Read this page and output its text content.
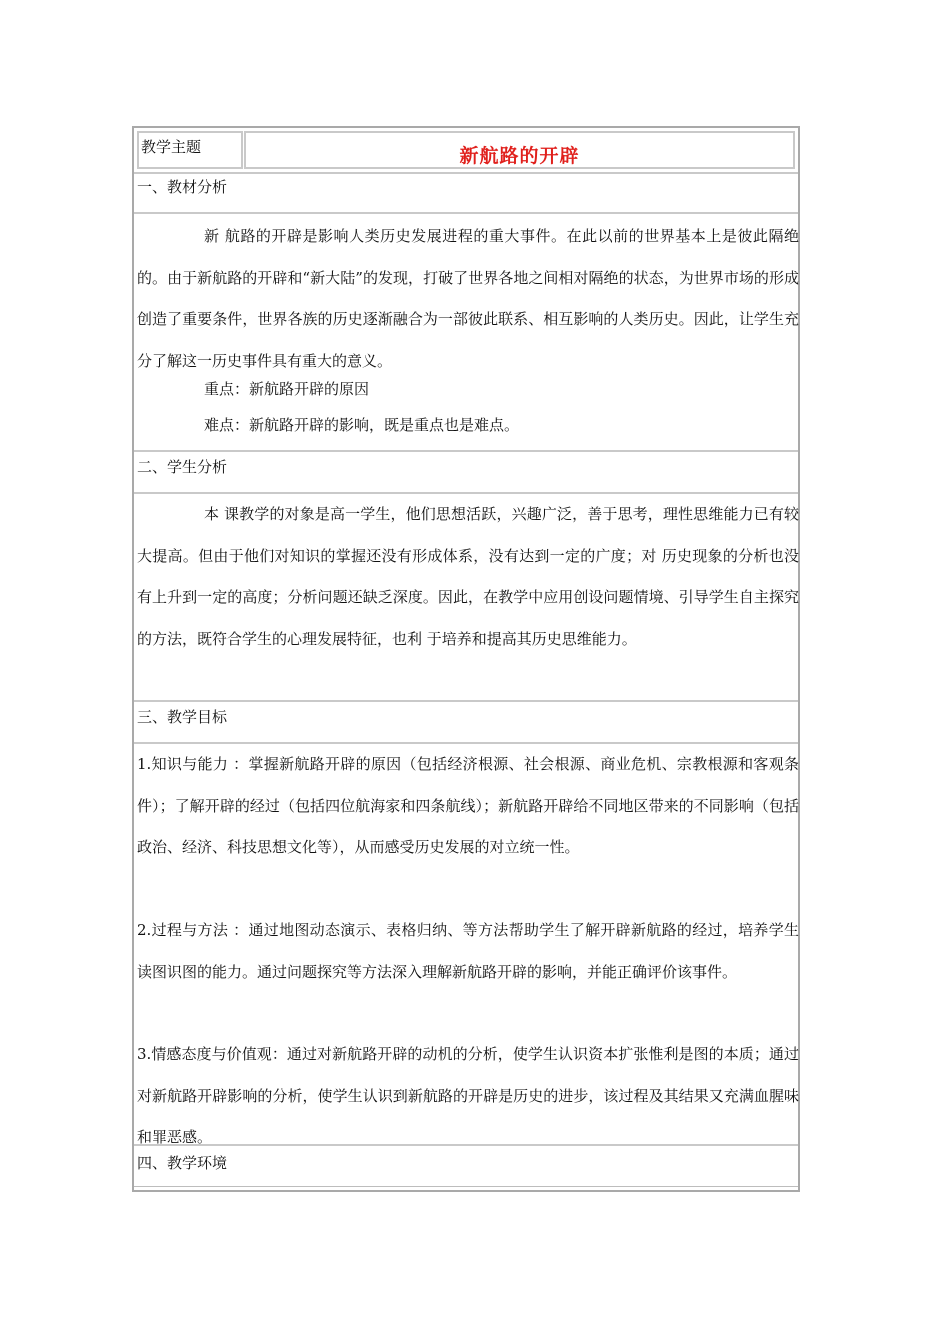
教学主题	新航路的开辟
一、教材分析
新 航路的开辟是影响人类历史发展进程的重大事件。在此以前的世界基本上是彼此隔绝的。由于新航路的开辟和“新大陆”的发现，打破了世界各地之间相对隔绝的状态，为世界市场的形成创造了重要条件，世界各族的历史逐渐融合为一部彼此联系、相互影响的人类历史。因此，让学生充分了解这一历史事件具有重大的意义。
重点：新航路开辟的原因
难点：新航路开辟的影响，既是重点也是难点。
二、学生分析
本 课教学的对象是高一学生，他们思想活跃，兴趣广泛，善于思考，理性思维能力已有较大提高。但由于他们对知识的掌握还没有形成体系，没有达到一定的广度；对 历史现象的分析也没有上升到一定的高度；分析问题还缺乏深度。因此，在教学中应用创设问题情境、引导学生自主探究的方法，既符合学生的心理发展特征，也利 于培养和提高其历史思维能力。
三、教学目标
1.知识与能力 ：掌握新航路开辟的原因（包括经济根源、社会根源、商业危机、宗教根源和客观条件）；了解开辟的经过（包括四位航海家和四条航线）；新航路开辟给不同地区带来的不同影响（包括政治、经济、科技思想文化等），从而感受历史发展的对立统一性。
2.过程与方法 ：通过地图动态演示、表格归纳、等方法帮助学生了解开辟新航路的经过，培养学生读图识图的能力。通过问题探究等方法深入理解新航路开辟的影响，并能正确评价该事件。
3.情感态度与价值观：通过对新航路开辟的动机的分析，使学生认识资本扩张惟利是图的本质；通过对新航路开辟影响的分析，使学生认识到新航路的开辟是历史的进步，该过程及其结果又充满血腥味和罪恶感。
四、教学环境
